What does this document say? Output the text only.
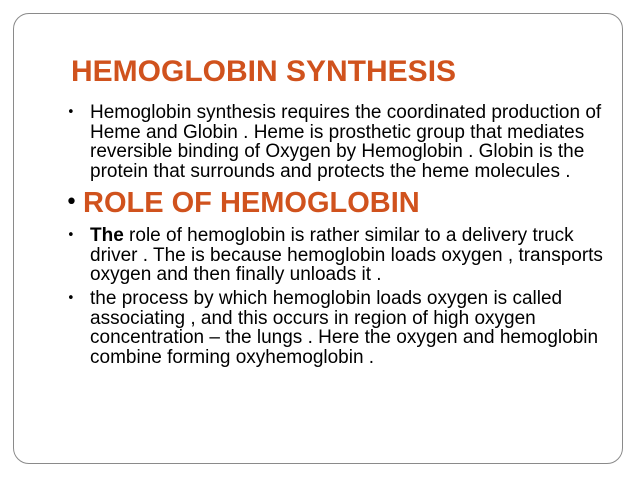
HEMOGLOBIN SYNTHESIS
• Hemoglobin synthesis requires the coordinated production of Heme and Globin . Heme is prosthetic group that mediates reversible binding of Oxygen by Hemoglobin . Globin is the protein that surrounds and protects the heme molecules .
• ROLE OF HEMOGLOBIN
• The role of hemoglobin is rather similar to a delivery truck driver . The is because hemoglobin loads oxygen , transports oxygen and then finally unloads it .
• the process by which hemoglobin loads oxygen is called associating , and this occurs in region of high oxygen concentration – the lungs . Here the oxygen and hemoglobin combine forming oxyhemoglobin .
